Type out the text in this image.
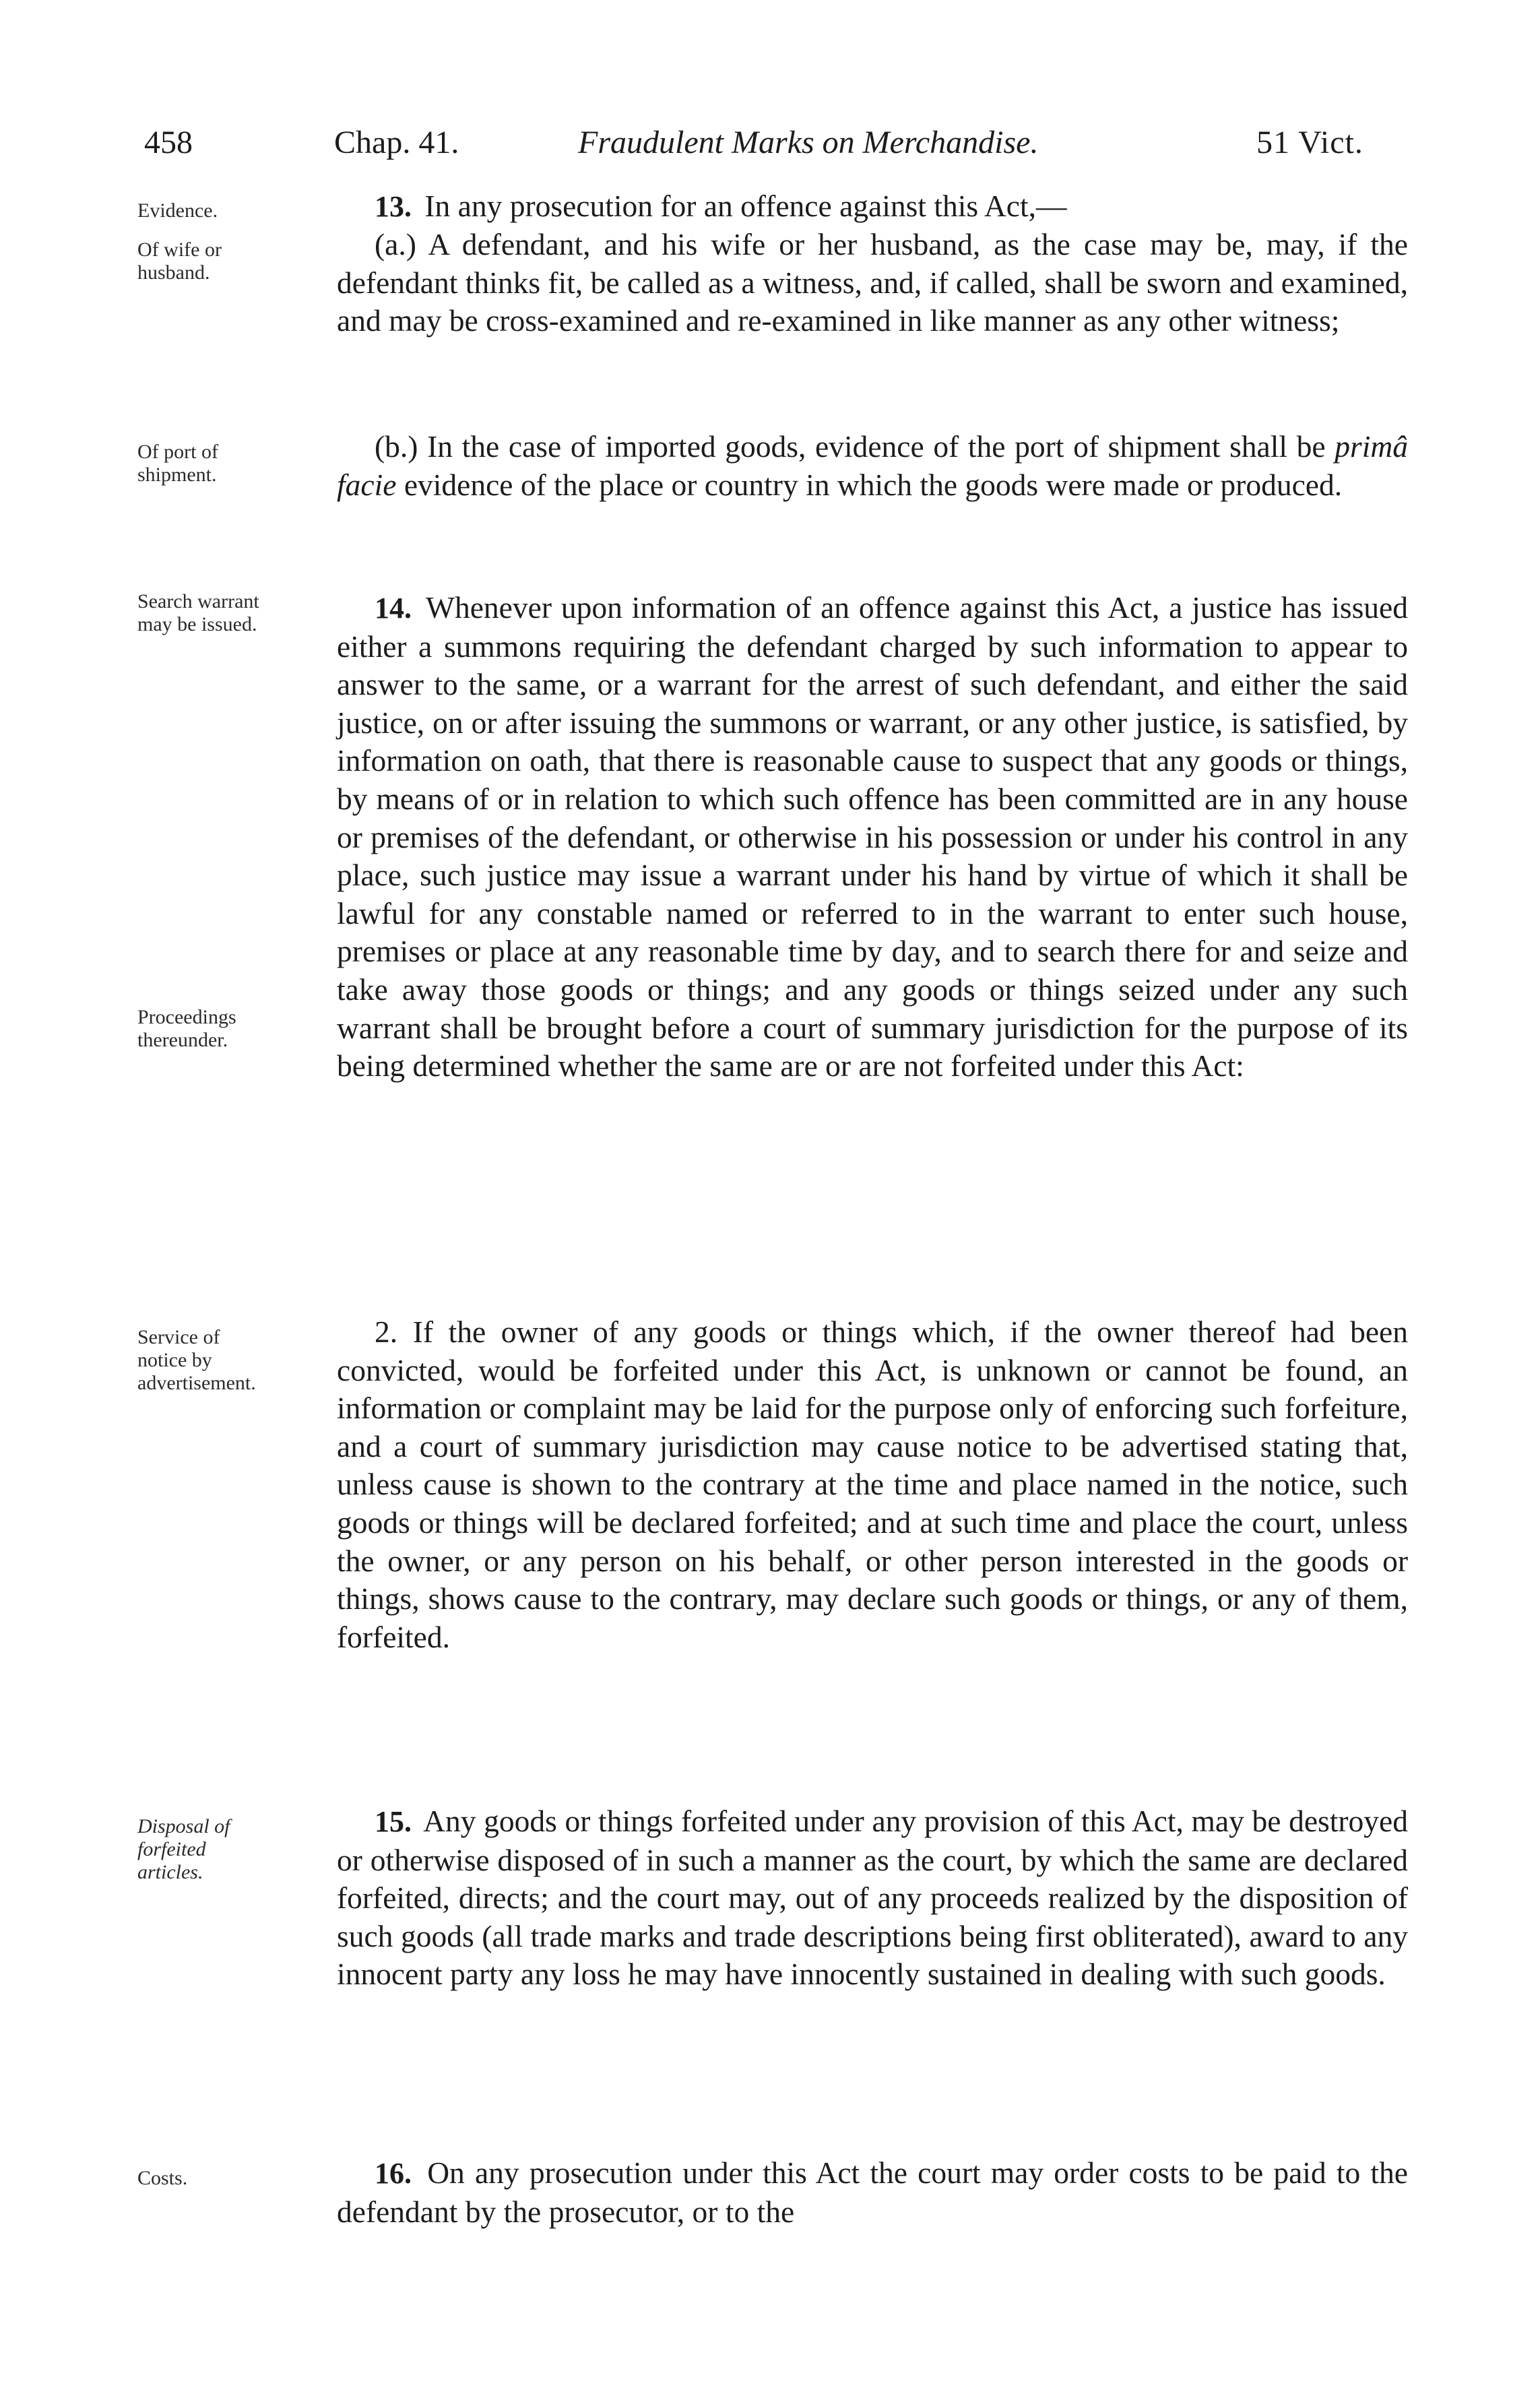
458	Chap. 41.	Fraudulent Marks on Merchandise.	51 Vict.
Evidence.
Of wife or husband.
Of port of shipment.
Search warrant may be issued.
Proceedings thereunder.
Service of notice by advertisement.
Disposal of forfeited articles.
Costs.
13. In any prosecution for an offence against this Act,—
(a.) A defendant, and his wife or her husband, as the case may be, may, if the defendant thinks fit, be called as a witness, and, if called, shall be sworn and examined, and may be cross-examined and re-examined in like manner as any other witness;
(b.) In the case of imported goods, evidence of the port of shipment shall be primâ facie evidence of the place or country in which the goods were made or produced.
14. Whenever upon information of an offence against this Act, a justice has issued either a summons requiring the defendant charged by such information to appear to answer to the same, or a warrant for the arrest of such defendant, and either the said justice, on or after issuing the summons or warrant, or any other justice, is satisfied, by information on oath, that there is reasonable cause to suspect that any goods or things, by means of or in relation to which such offence has been committed are in any house or premises of the defendant, or otherwise in his possession or under his control in any place, such justice may issue a warrant under his hand by virtue of which it shall be lawful for any constable named or referred to in the warrant to enter such house, premises or place at any reasonable time by day, and to search there for and seize and take away those goods or things; and any goods or things seized under any such warrant shall be brought before a court of summary jurisdiction for the purpose of its being determined whether the same are or are not forfeited under this Act:
2. If the owner of any goods or things which, if the owner thereof had been convicted, would be forfeited under this Act, is unknown or cannot be found, an information or complaint may be laid for the purpose only of enforcing such forfeiture, and a court of summary jurisdiction may cause notice to be advertised stating that, unless cause is shown to the contrary at the time and place named in the notice, such goods or things will be declared forfeited; and at such time and place the court, unless the owner, or any person on his behalf, or other person interested in the goods or things, shows cause to the contrary, may declare such goods or things, or any of them, forfeited.
15. Any goods or things forfeited under any provision of this Act, may be destroyed or otherwise disposed of in such a manner as the court, by which the same are declared forfeited, directs; and the court may, out of any proceeds realized by the disposition of such goods (all trade marks and trade descriptions being first obliterated), award to any innocent party any loss he may have innocently sustained in dealing with such goods.
16. On any prosecution under this Act the court may order costs to be paid to the defendant by the prosecutor, or to the
